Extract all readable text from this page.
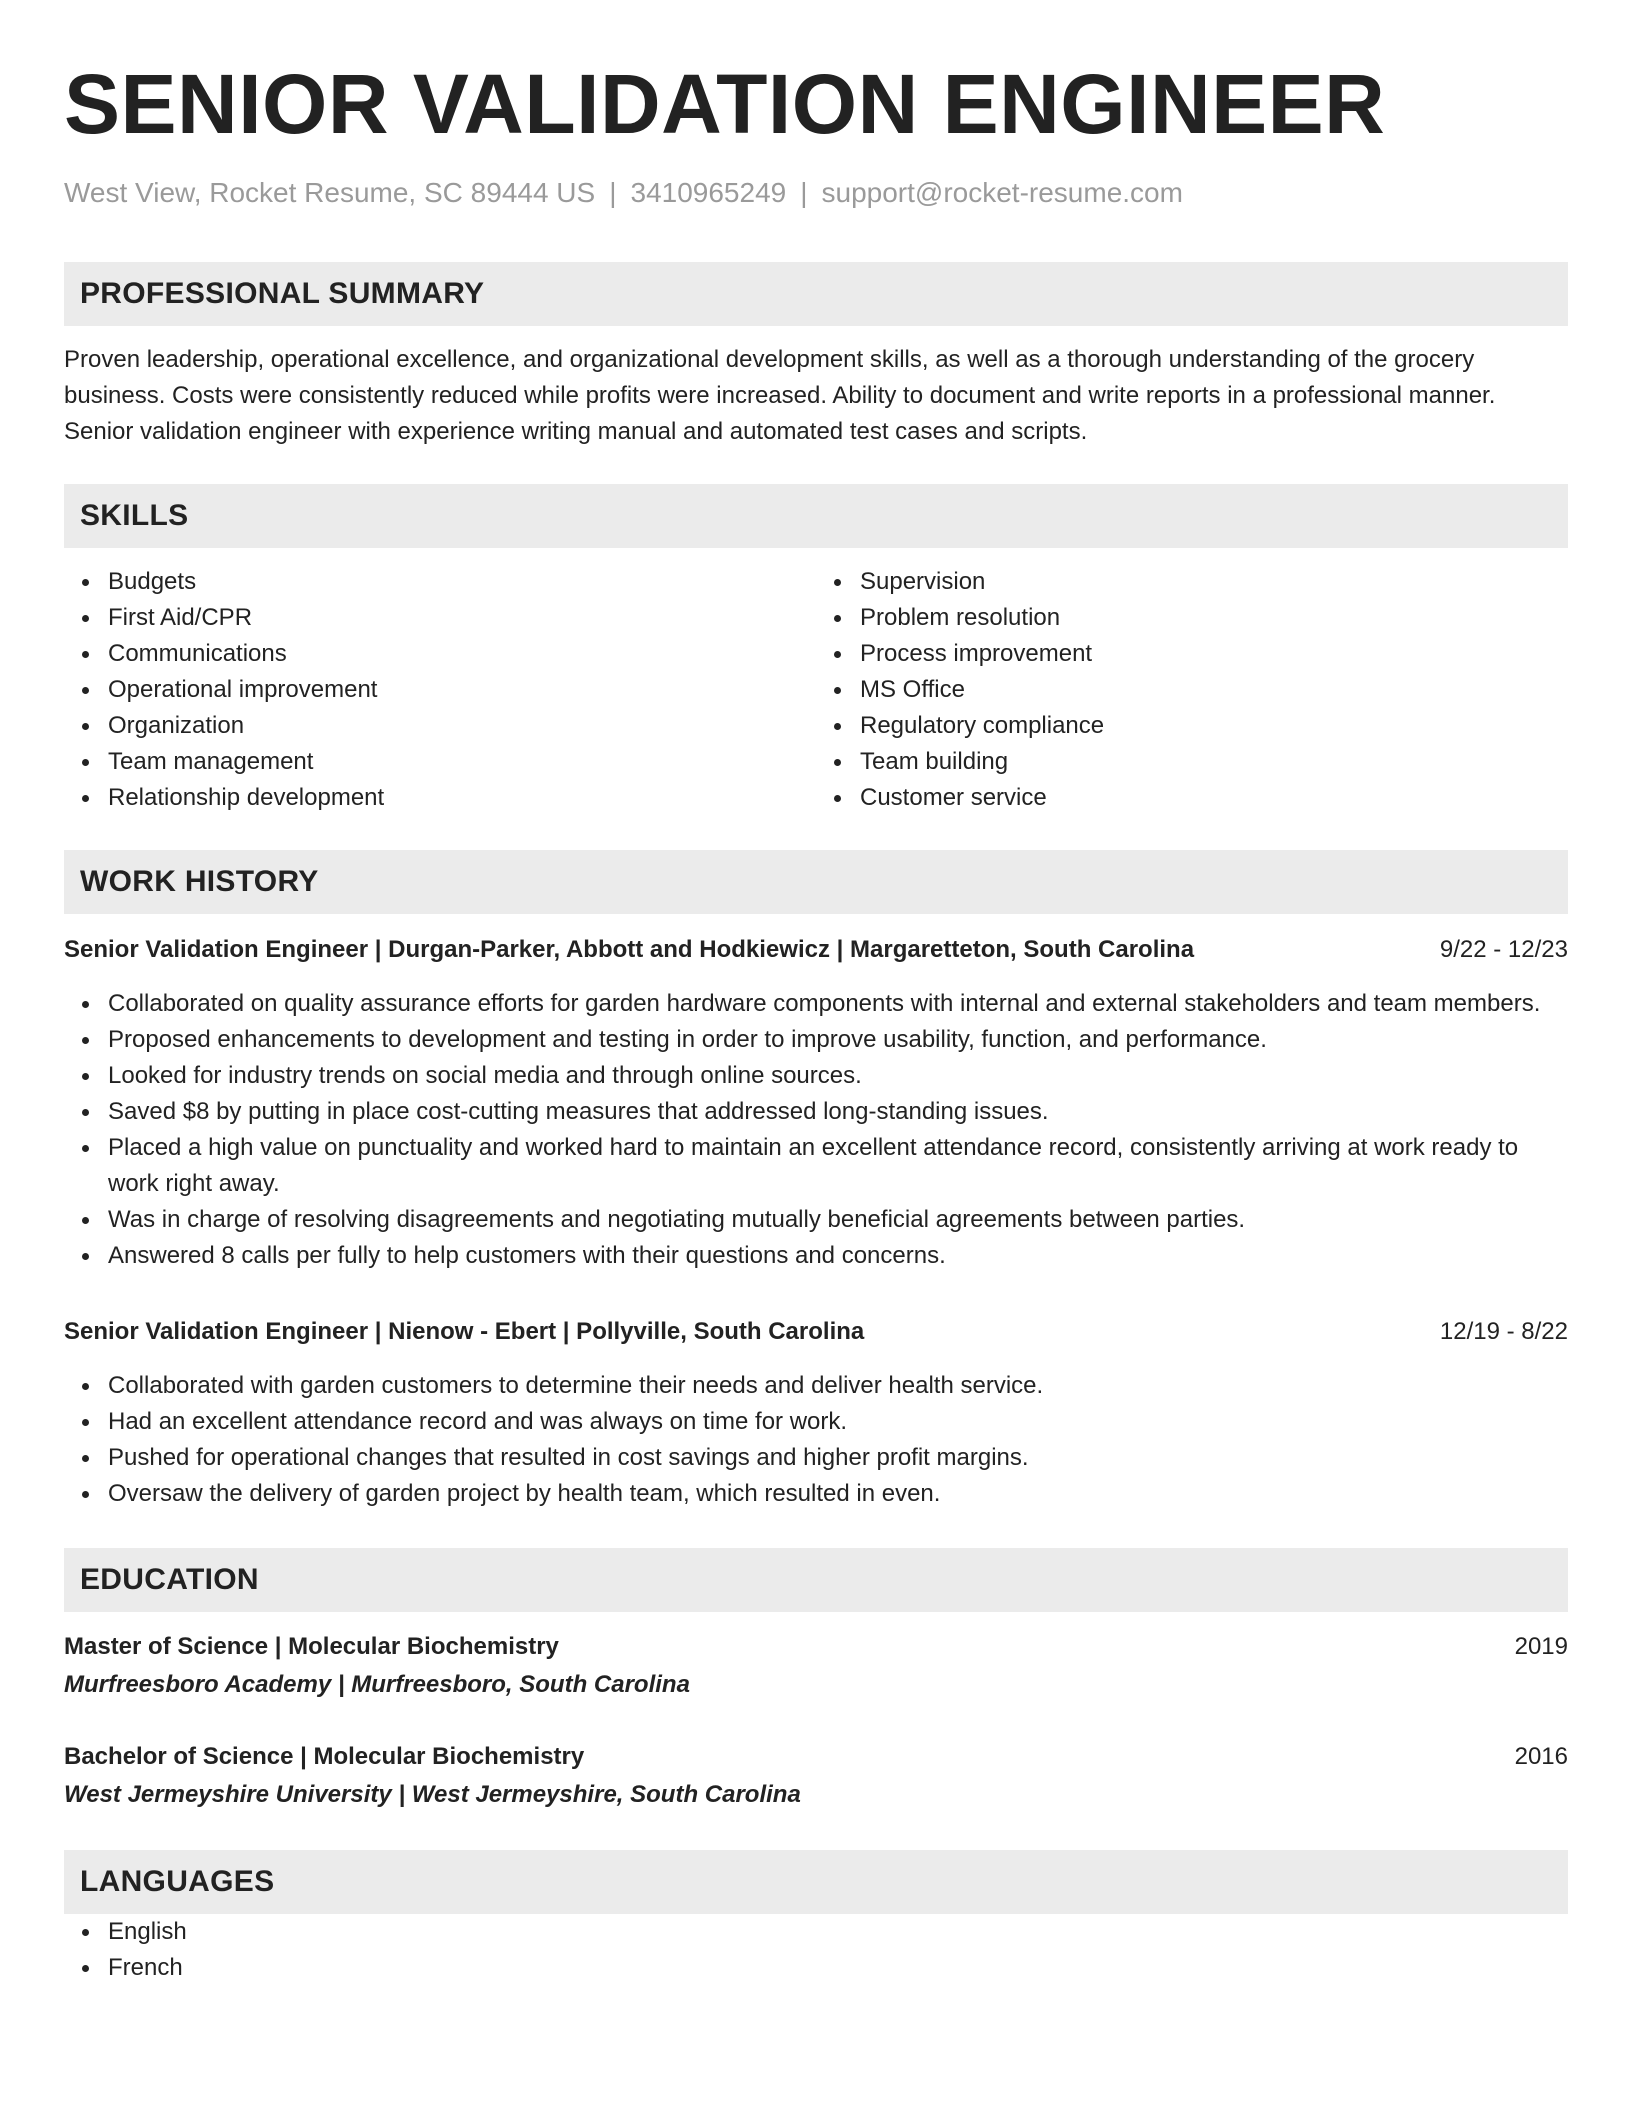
SENIOR VALIDATION ENGINEER
West View, Rocket Resume, SC 89444 US | 3410965249 | support@rocket-resume.com
PROFESSIONAL SUMMARY

Proven leadership, operational excellence, and organizational development skills, as well as a thorough understanding of the grocery business. Costs were consistently reduced while profits were increased. Ability to document and write reports in a professional manner. Senior validation engineer with experience writing manual and automated test cases and scripts.

SKILLS
Budgets
First Aid/CPR
Communications
Operational improvement
Organization
Team management
Relationship development
Supervision
Problem resolution
Process improvement
MS Office
Regulatory compliance
Team building
Customer service
WORK HISTORY
Senior Validation Engineer | Durgan-Parker, Abbott and Hodkiewicz | Margaretteton, South Carolina	9/22 - 12/23
Collaborated on quality assurance efforts for garden hardware components with internal and external stakeholders and team members.
Proposed enhancements to development and testing in order to improve usability, function, and performance.
Looked for industry trends on social media and through online sources.
Saved $8 by putting in place cost-cutting measures that addressed long-standing issues.
Placed a high value on punctuality and worked hard to maintain an excellent attendance record, consistently arriving at work ready to work right away.
Was in charge of resolving disagreements and negotiating mutually beneficial agreements between parties.
Answered 8 calls per fully to help customers with their questions and concerns.
Senior Validation Engineer | Nienow - Ebert | Pollyville, South Carolina	12/19 - 8/22
Collaborated with garden customers to determine their needs and deliver health service.
Had an excellent attendance record and was always on time for work.
Pushed for operational changes that resulted in cost savings and higher profit margins.
Oversaw the delivery of garden project by health team, which resulted in even.
EDUCATION
Master of Science | Molecular Biochemistry	2019
Murfreesboro Academy | Murfreesboro, South Carolina
Bachelor of Science | Molecular Biochemistry	2016
West Jermeyshire University | West Jermeyshire, South Carolina
LANGUAGES
English
French
